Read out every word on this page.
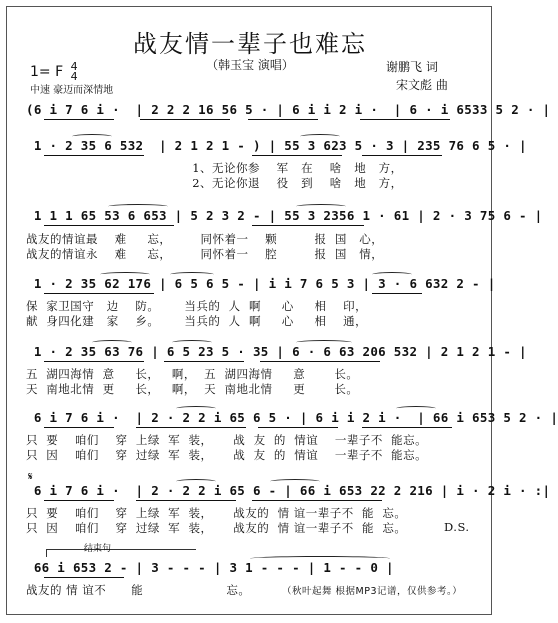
战友情一辈子也难忘
（韩玉宝 演唱）
1= F 4
4
中速 豪迈而深情地
谢鹏飞 词
宋文彪 曲
(6 i 7 6 i ·  | 2 2 2 16 56 5 · | 6 i i 2 i ·  | 6 · i 6533 5 2 · |
1 · 2 35 6 532  | 2 1 2 1 - ) | 55 3 623 5 · 3 | 235 76 6 5 · |
1、无论你参    军   在    啥   地   方，
2、无论你退    役   到    啥   地   方，
1 1 1 65 53 6 653 | 5 2 3 2 - | 55 3 2356 1 · 61 | 2 · 3 75 6 - |
战友的情谊最    难     忘，       同怀着一    颗         报  国   心，
战友的情谊永    难     忘，       同怀着一    腔         报  国   情，
1 · 2 35 62 176 | 6 5 6 5 - | i i 7 6 5 3 | 3 · 6 632 2 - |
保  家卫国守   边    防。      当兵的  人  啊     心     相    印，
献  身四化建   家    乡。      当兵的  人  啊     心     相    通，
1 · 2 35 63 76 | 6 5 23 5 · 35 | 6 · 6 63 206 532 | 2 1 2 1 - |
五  湖四海情  意     长，   啊，  五  湖四海情     意       长。
天  南地北情  更     长，   啊，  天  南地北情     更       长。
6 i 7 6 i ·  | 2 · 2 2 i 65 6 5 · | 6 i i 2 i ·  | 66 i 653 5 2 · |
只  要    咱们    穿  上绿  军  装，     战  友  的  情谊    一辈子不  能忘。
只  因    咱们    穿  过绿  军  装，     战  友  的  情谊    一辈子不  能忘。
𝄋
6 i 7 6 i ·  | 2 · 2 2 i 65 6 - | 66 i 653 22 2 216 | i · 2 i · :|
只  要    咱们    穿  上绿  军  装，     战友的  情 谊一辈子不  能  忘。
只  因    咱们    穿  过绿  军  装，     战友的  情 谊一辈子不  能  忘。	D.S.
结束句
66 i 653 2 - | 3 - - - | 3 1 - - - | 1 - - 0 |
战友的 情 谊不      能                    忘。	（秋叶起舞 根据MP3记谱，仅供参考。）
